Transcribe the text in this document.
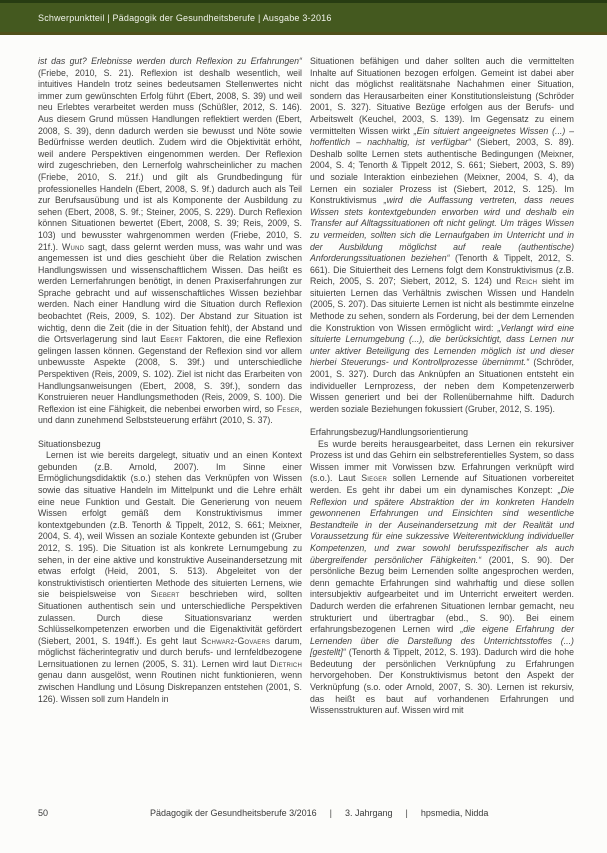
Schwerpunktteil | Pädagogik der Gesundheitsberufe | Ausgabe 3-2016

ist das gut? Erlebnisse werden durch Reflexion zu Erfahrungen“ (Friebe, 2010, S. 21). Reflexion ist deshalb wesentlich, weil intuitives Handeln trotz seines bedeutsamen Stellenwertes nicht immer zum gewünschten Erfolg führt (Ebert, 2008, S. 39) und weil neu Erlebtes verarbeitet werden muss (Schüßler, 2012, S. 146). Aus diesem Grund müssen Handlungen reflektiert werden (Ebert, 2008, S. 39), denn dadurch werden sie bewusst und Nöte sowie Bedürfnisse werden deutlich. Zudem wird die Objektivität erhöht, weil andere Perspektiven eingenommen werden. Der Reflexion wird zugeschrieben, den Lernerfolg wahrscheinlicher zu machen (Friebe, 2010, S. 21f.) und gilt als Grundbedingung für professionelles Handeln (Ebert, 2008, S. 9f.) dadurch auch als Teil zur Berufsausübung und ist als Komponente der Ausbildung zu sehen (Ebert, 2008, S. 9f.; Steiner, 2005, S. 229). Durch Reflexion können Situationen bewertet (Ebert, 2008, S. 39; Reis, 2009, S. 103) und bewusster wahrgenommen werden (Friebe, 2010, S. 21f.). Wund sagt, dass gelernt werden muss, was wahr und was angemessen ist und dies geschieht über die Relation zwischen Handlungswissen und wissenschaftlichem Wissen. Das heißt es werden Lernerfahrungen benötigt, in denen Praxiserfahrungen zur Sprache gebracht und auf wissenschaftliches Wissen beziehbar werden. Nach einer Handlung wird die Situation durch Reflexion beobachtet (Reis, 2009, S. 102). Der Abstand zur Situation ist wichtig, denn die Zeit (die in der Situation fehlt), der Abstand und die Ortsverlagerung sind laut Ebert Faktoren, die eine Reflexion gelingen lassen können. Gegenstand der Reflexion sind vor allem unbewusste Aspekte (2008, S. 39f.) und unterschiedliche Perspektiven (Reis, 2009, S. 102). Ziel ist nicht das Erarbeiten von Handlungsanweisungen (Ebert, 2008, S. 39f.), sondern das Konstruieren neuer Handlungsmethoden (Reis, 2009, S. 100). Die Reflexion ist eine Fähigkeit, die nebenbei erworben wird, so Feser, und dann zunehmend Selbststeuerung erfährt (2010, S. 37).

Situationsbezug

Lernen ist wie bereits dargelegt, situativ und an einen Kontext gebunden (z.B. Arnold, 2007). Im Sinne einer Ermöglichungsdidaktik (s.o.) stehen das Verknüpfen von Wissen sowie das situative Handeln im Mittelpunkt und die Lehre erhält eine neue Funktion und Gestalt. Die Generierung von neuem Wissen erfolgt gemäß dem Konstruktivismus immer kontextgebunden (z.B. Tenorth & Tippelt, 2012, S. 661; Meixner, 2004, S. 4), weil Wissen an soziale Kontexte gebunden ist (Gruber 2012, S. 195). Die Situation ist als konkrete Lernumgebung zu sehen, in der eine aktive und konstruktive Auseinandersetzung mit etwas erfolgt (Heid, 2001, S. 513). Abgeleitet von der konstruktivistisch orientierten Methode des situierten Lernens, wie sie beispielsweise von Siebert beschrieben wird, sollten Situationen authentisch sein und unterschiedliche Perspektiven zulassen. Durch diese Situationsvarianz werden Schlüsselkompetenzen erworben und die Eigenaktivität gefördert (Siebert, 2001, S. 194ff.). Es geht laut Schwarz-Govaers darum, möglichst fächerintegrativ und durch berufs- und lernfeldbezogene Lernsituationen zu lernen (2005, S. 31). Lernen wird laut Dietrich genau dann ausgelöst, wenn Routinen nicht funktionieren, wenn zwischen Handlung und Lösung Diskrepanzen entstehen (2001, S. 126). Wissen soll zum Handeln in

Situationen befähigen und daher sollten auch die vermittelten Inhalte auf Situationen bezogen erfolgen. Gemeint ist dabei aber nicht das möglichst realitätsnahe Nachahmen einer Situation, sondern das Herausarbeiten einer Konstitutionsleistung (Schröder 2001, S. 327). Situative Bezüge erfolgen aus der Berufs- und Arbeitswelt (Keuchel, 2003, S. 139). Im Gegensatz zu einem vermittelten Wissen wirkt „Ein situiert angeeignetes Wissen (...) – hoffentlich – nachhaltig, ist verfügbar“ (Siebert, 2003, S. 89). Deshalb sollte Lernen stets authentische Bedingungen (Meixner, 2004, S. 4; Tenorth & Tippelt 2012, S. 661; Siebert, 2003, S. 89) und soziale Interaktion einbeziehen (Meixner, 2004, S. 4), da Lernen ein sozialer Prozess ist (Siebert, 2012, S. 125). Im Konstruktivismus „wird die Auffassung vertreten, dass neues Wissen stets kontextgebunden erworben wird und deshalb ein Transfer auf Alltagssituationen oft nicht gelingt. Um träges Wissen zu vermeiden, sollten sich die Lernaufgaben im Unterricht und in der Ausbildung möglichst auf reale (authentische) Anforderungssituationen beziehen“ (Tenorth & Tippelt, 2012, S. 661). Die Situiertheit des Lernens folgt dem Konstruktivismus (z.B. Reich, 2005, S. 207; Siebert, 2012, S. 124) und Reich sieht im situierten Lernen das Verhältnis zwischen Wissen und Handeln (2005, S. 207). Das situierte Lernen ist nicht als bestimmte einzelne Methode zu sehen, sondern als Forderung, bei der dem Lernenden die Konstruktion von Wissen ermöglicht wird: „Verlangt wird eine situierte Lernumgebung (...), die berücksichtigt, dass Lernen nur unter aktiver Beteiligung des Lernenden möglich ist und dieser hierbei Steuerungs- und Kontrollprozesse übernimmt.“ (Schröder, 2001, S. 327). Durch das Anknüpfen an Situationen entsteht ein individueller Lernprozess, der neben dem Kompetenzerwerb Wissen generiert und bei der Rollenübernahme hilft. Dadurch werden soziale Beziehungen fokussiert (Gruber, 2012, S. 195).

Erfahrungsbezug/Handlungsorientierung

Es wurde bereits herausgearbeitet, dass Lernen ein rekursiver Prozess ist und das Gehirn ein selbstreferentielles System, so dass Wissen immer mit Vorwissen bzw. Erfahrungen verknüpft wird (s.o.). Laut Sieger sollen Lernende auf Situationen vorbereitet werden. Es geht ihr dabei um ein dynamisches Konzept: „Die Reflexion und spätere Abstraktion der im konkreten Handeln gewonnenen Erfahrungen und Einsichten sind wesentliche Bestandteile in der Auseinandersetzung mit der Realität und Voraussetzung für eine sukzessive Weiterentwicklung individueller Kompetenzen, und zwar sowohl berufsspezifischer als auch übergreifender persönlicher Fähigkeiten.“ (2001, S. 90). Der persönliche Bezug beim Lernenden sollte angesprochen werden, denn gemachte Erfahrungen sind wahrhaftig und diese sollen intersubjektiv aufgearbeitet und im Unterricht erweitert werden. Dadurch werden die erfahrenen Situationen lernbar gemacht, neu strukturiert und übertragbar (ebd., S. 90). Bei einem erfahrungsbezogenen Lernen wird „die eigene Erfahrung der Lernenden über die Darstellung des Unterrichtsstoffes (...) [gestellt]“ (Tenorth & Tippelt, 2012, S. 193). Dadurch wird die hohe Bedeutung der persönlichen Verknüpfung zu Erfahrungen hervorgehoben. Der Konstruktivismus betont den Aspekt der Verknüpfung (s.o. oder Arnold, 2007, S. 30). Lernen ist rekursiv, das heißt es baut auf vorhandenen Erfahrungen und Wissensstrukturen auf. Wissen wird mit

50	Pädagogik der Gesundheitsberufe 3/2016	|	3. Jahrgang	|	hpsmedia, Nidda
